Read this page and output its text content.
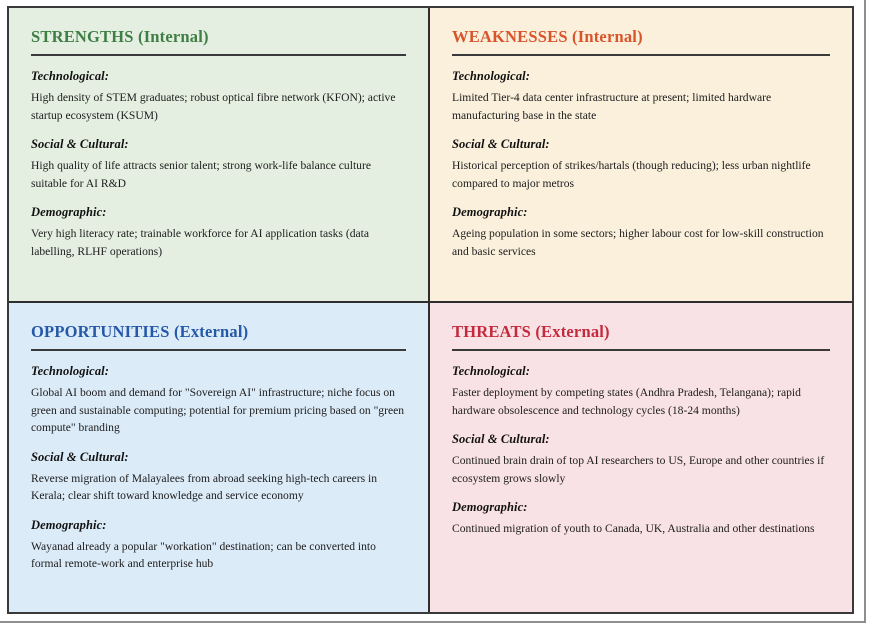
STRENGTHS (Internal)
Technological:

High density of STEM graduates; robust optical fibre network (KFON); active startup ecosystem (KSUM)

Social & Cultural:

High quality of life attracts senior talent; strong work-life balance culture suitable for AI R&D

Demographic:

Very high literacy rate; trainable workforce for AI application tasks (data labelling, RLHF operations)

WEAKNESSES (Internal)
Technological:

Limited Tier-4 data center infrastructure at present; limited hardware manufacturing base in the state

Social & Cultural:

Historical perception of strikes/hartals (though reducing); less urban nightlife compared to major metros

Demographic:

Ageing population in some sectors; higher labour cost for low-skill construction and basic services

OPPORTUNITIES (External)
Technological:

Global AI boom and demand for "Sovereign AI" infrastructure; niche focus on green and sustainable computing; potential for premium pricing based on "green compute" branding

Social & Cultural:

Reverse migration of Malayalees from abroad seeking high-tech careers in Kerala; clear shift toward knowledge and service economy

Demographic:

Wayanad already a popular "workation" destination; can be converted into formal remote-work and enterprise hub

THREATS (External)
Technological:

Faster deployment by competing states (Andhra Pradesh, Telangana); rapid hardware obsolescence and technology cycles (18-24 months)

Social & Cultural:

Continued brain drain of top AI researchers to US, Europe and other countries if ecosystem grows slowly

Demographic:

Continued migration of youth to Canada, UK, Australia and other destinations
